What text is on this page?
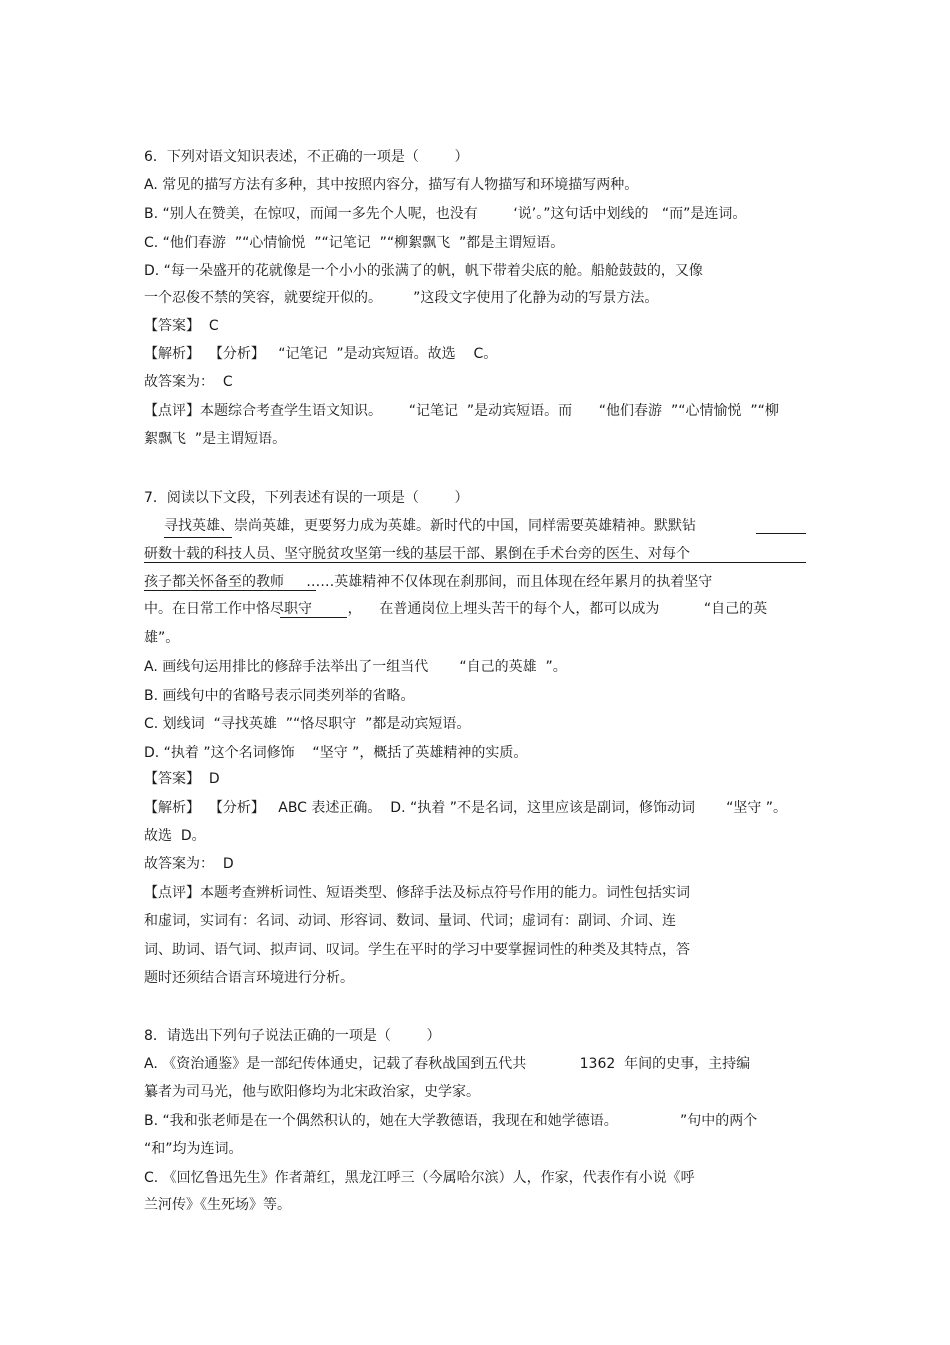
6．下列对语文知识表述，不正确的一项是（        ）
A. 常见的描写方法有多种，其中按照内容分，描写有人物描写和环境描写两种。
B. “别人在赞美，在惊叹，而闻一多先个人呢，也没有        ‘说’。”这句话中划线的   “而”是连词。
C. “他们春游  ”“心情愉悦  ”“记笔记  ”“柳絮飘飞  ”都是主谓短语。
D. “每一朵盛开的花就像是一个小小的张满了的帆，帆下带着尖底的舱。船舱鼓鼓的，又像
一个忍俊不禁的笑容，就要绽开似的。       ”这段文字使用了化静为动的写景方法。
【答案】  C
【解析】  【分析】   “记笔记  ”是动宾短语。故选    C。
故答案为：  C
【点评】本题综合考查学生语文知识。      “记笔记  ”是动宾短语。而      “他们春游  ”“心情愉悦  ”“柳
絮飘飞  ”是主谓短语。
7．阅读以下文段，下列表述有误的一项是（        ）
寻找英雄、崇尚英雄，更要努力成为英雄。新时代的中国，同样需要英雄精神。默默钻
研数十载的科技人员、坚守脱贫攻坚第一线的基层干部、累倒在手术台旁的医生、对每个
孩子都关怀备至的教师     ……英雄精神不仅体现在刹那间，而且体现在经年累月的执着坚守
中。在日常工作中恪尽职守        ，    在普通岗位上埋头苦干的每个人，都可以成为          “自己的英
雄”。
A. 画线句运用排比的修辞手法举出了一组当代       “自己的英雄  ”。
B. 画线句中的省略号表示同类列举的省略。
C. 划线词  “寻找英雄  ”“恪尽职守  ”都是动宾短语。
D. “执着 ”这个名词修饰    “坚守 ”，概括了英雄精神的实质。
【答案】  D
【解析】  【分析】   ABC 表述正确。  D. “执着 ”不是名词，这里应该是副词，修饰动词       “坚守 ”。
故选  D。
故答案为：  D
【点评】本题考查辨析词性、短语类型、修辞手法及标点符号作用的能力。词性包括实词
和虚词，实词有：名词、动词、形容词、数词、量词、代词；虚词有：副词、介词、连
词、助词、语气词、拟声词、叹词。学生在平时的学习中要掌握词性的种类及其特点，答
题时还须结合语言环境进行分析。
8．请选出下列句子说法正确的一项是（        ）
A. 《资治通鉴》是一部纪传体通史，记载了春秋战国到五代共            1362  年间的史事，主持编
纂者为司马光，他与欧阳修均为北宋政治家，史学家。
B. “我和张老师是在一个偶然积认的，她在大学教德语，我现在和她学德语。              ”句中的两个
“和”均为连词。
C. 《回忆鲁迅先生》作者萧红，黑龙江呼三（今属哈尔滨）人，作家，代表作有小说《呼
兰河传》《生死场》等。
